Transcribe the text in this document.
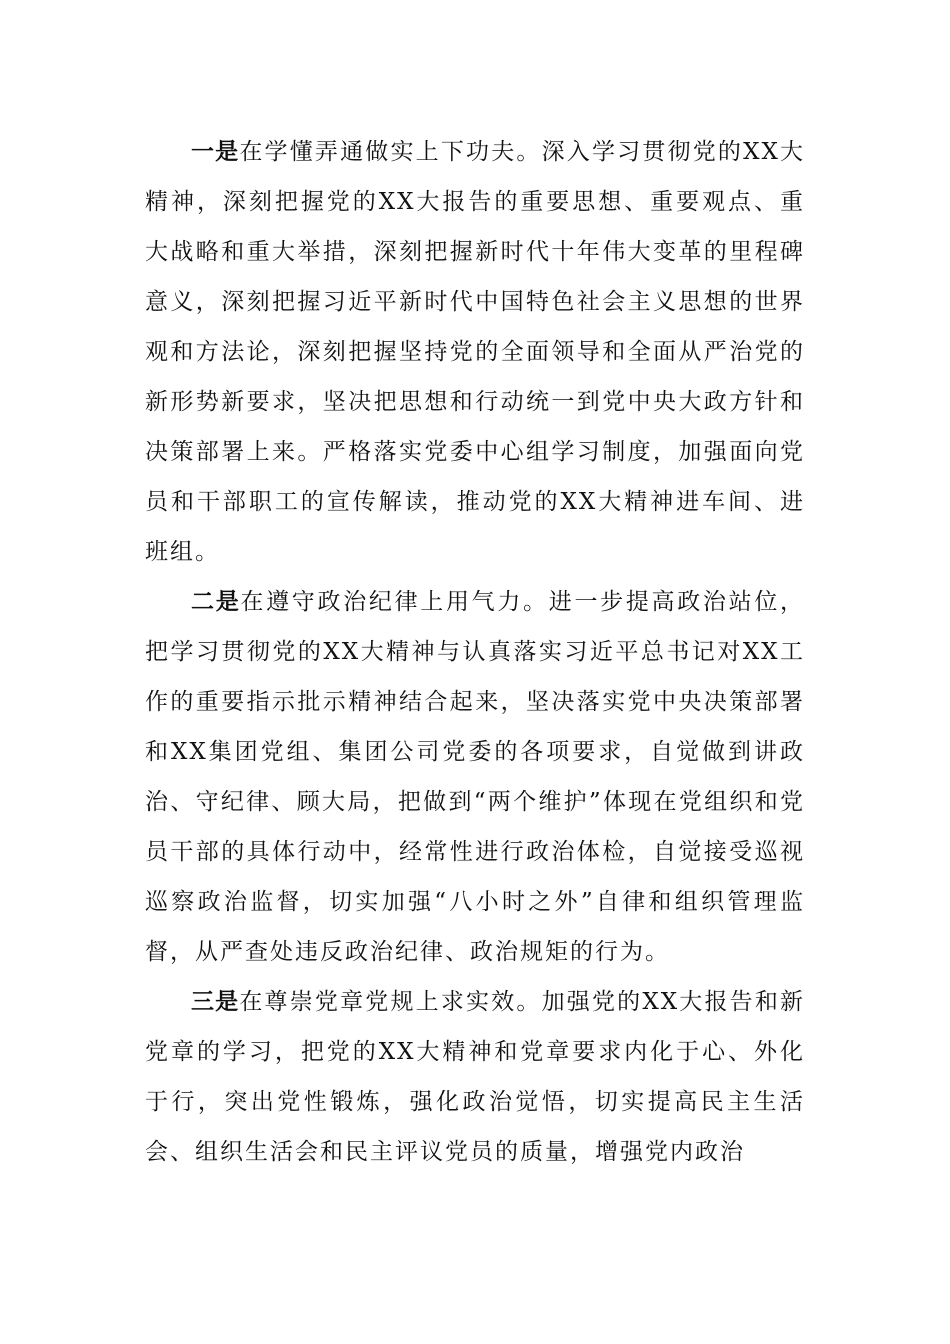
一是在学懂弄通做实上下功夫。深入学习贯彻党的XX大精神，深刻把握党的XX大报告的重要思想、重要观点、重大战略和重大举措，深刻把握新时代十年伟大变革的里程碑意义，深刻把握习近平新时代中国特色社会主义思想的世界观和方法论，深刻把握坚持党的全面领导和全面从严治党的新形势新要求，坚决把思想和行动统一到党中央大政方针和决策部署上来。严格落实党委中心组学习制度，加强面向党员和干部职工的宣传解读，推动党的XX大精神进车间、进班组。

二是在遵守政治纪律上用气力。进一步提高政治站位，把学习贯彻党的XX大精神与认真落实习近平总书记对XX工作的重要指示批示精神结合起来，坚决落实党中央决策部署和XX集团党组、集团公司党委的各项要求，自觉做到讲政治、守纪律、顾大局，把做到“两个维护”体现在党组织和党员干部的具体行动中，经常性进行政治体检，自觉接受巡视巡察政治监督，切实加强“八小时之外”自律和组织管理监督，从严查处违反政治纪律、政治规矩的行为。

三是在尊崇党章党规上求实效。加强党的XX大报告和新党章的学习，把党的XX大精神和党章要求内化于心、外化于行，突出党性锻炼，强化政治觉悟，切实提高民主生活会、组织生活会和民主评议党员的质量，增强党内政治
